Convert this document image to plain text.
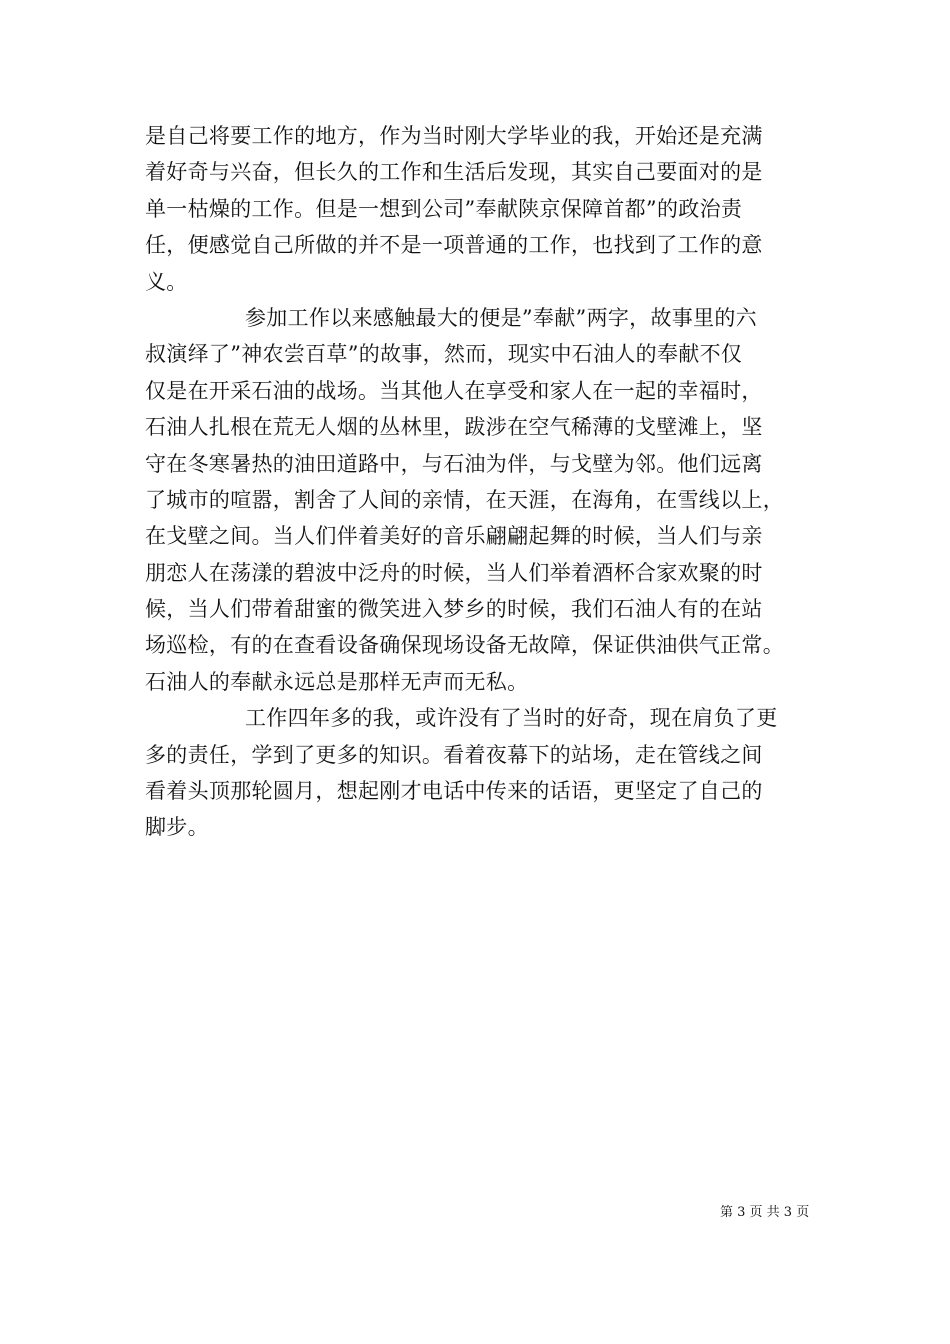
是自己将要工作的地方，作为当时刚大学毕业的我，开始还是充满
着好奇与兴奋，但长久的工作和生活后发现，其实自己要面对的是
单一枯燥的工作。但是一想到公司”奉献陕京保障首都”的政治责
任，便感觉自己所做的并不是一项普通的工作，也找到了工作的意
义。
参加工作以来感触最大的便是”奉献”两字，故事里的六
叔演绎了”神农尝百草”的故事，然而，现实中石油人的奉献不仅
仅是在开采石油的战场。当其他人在享受和家人在一起的幸福时，
石油人扎根在荒无人烟的丛林里，跋涉在空气稀薄的戈壁滩上，坚
守在冬寒暑热的油田道路中，与石油为伴，与戈壁为邻。他们远离
了城市的喧嚣，割舍了人间的亲情，在天涯，在海角，在雪线以上，
在戈壁之间。当人们伴着美好的音乐翩翩起舞的时候，当人们与亲
朋恋人在荡漾的碧波中泛舟的时候，当人们举着酒杯合家欢聚的时
候，当人们带着甜蜜的微笑进入梦乡的时候，我们石油人有的在站
场巡检，有的在查看设备确保现场设备无故障，保证供油供气正常。
石油人的奉献永远总是那样无声而无私。
工作四年多的我，或许没有了当时的好奇，现在肩负了更
多的责任，学到了更多的知识。看着夜幕下的站场，走在管线之间
看着头顶那轮圆月，想起刚才电话中传来的话语，更坚定了自己的
脚步。
第 3 页 共 3 页
